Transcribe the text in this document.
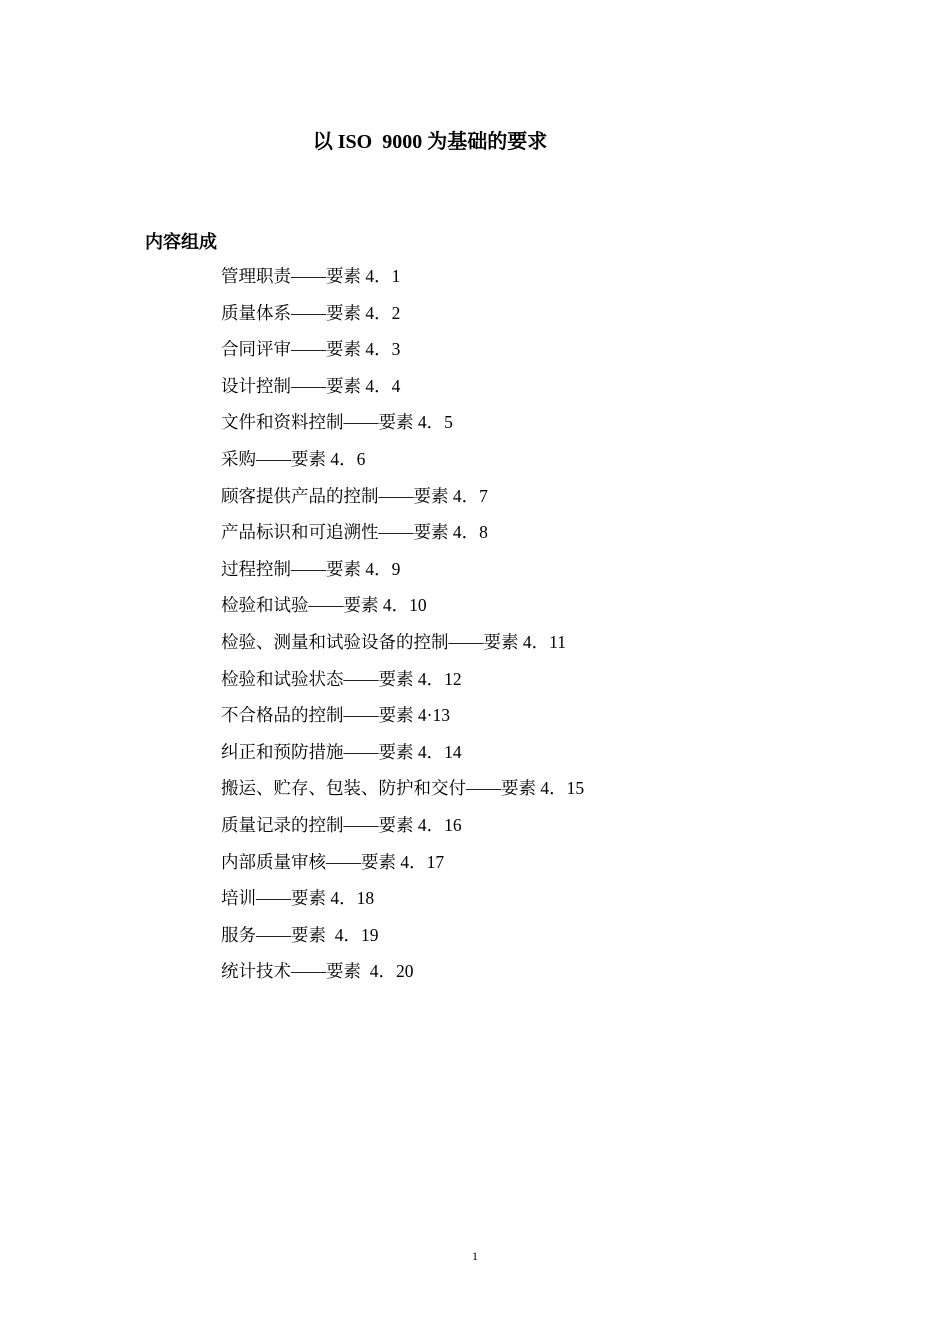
以 ISO  9000 为基础的要求
内容组成
管理职责——要素 4．1
质量体系——要素 4．2
合同评审——要素 4．3
设计控制——要素 4．4
文件和资料控制——要素 4．5
采购——要素 4．6
顾客提供产品的控制——要素 4．7
产品标识和可追溯性——要素 4．8
过程控制——要素 4．9
检验和试验——要素 4．10
检验、测量和试验设备的控制——要素 4．11
检验和试验状态——要素 4．12
不合格品的控制——要素 4·13
纠正和预防措施——要素 4．14
搬运、贮存、包装、防护和交付——要素 4．15
质量记录的控制——要素 4．16
内部质量审核——要素 4．17
培训——要素 4．18
服务——要素  4．19
统计技术——要素  4．20
1
